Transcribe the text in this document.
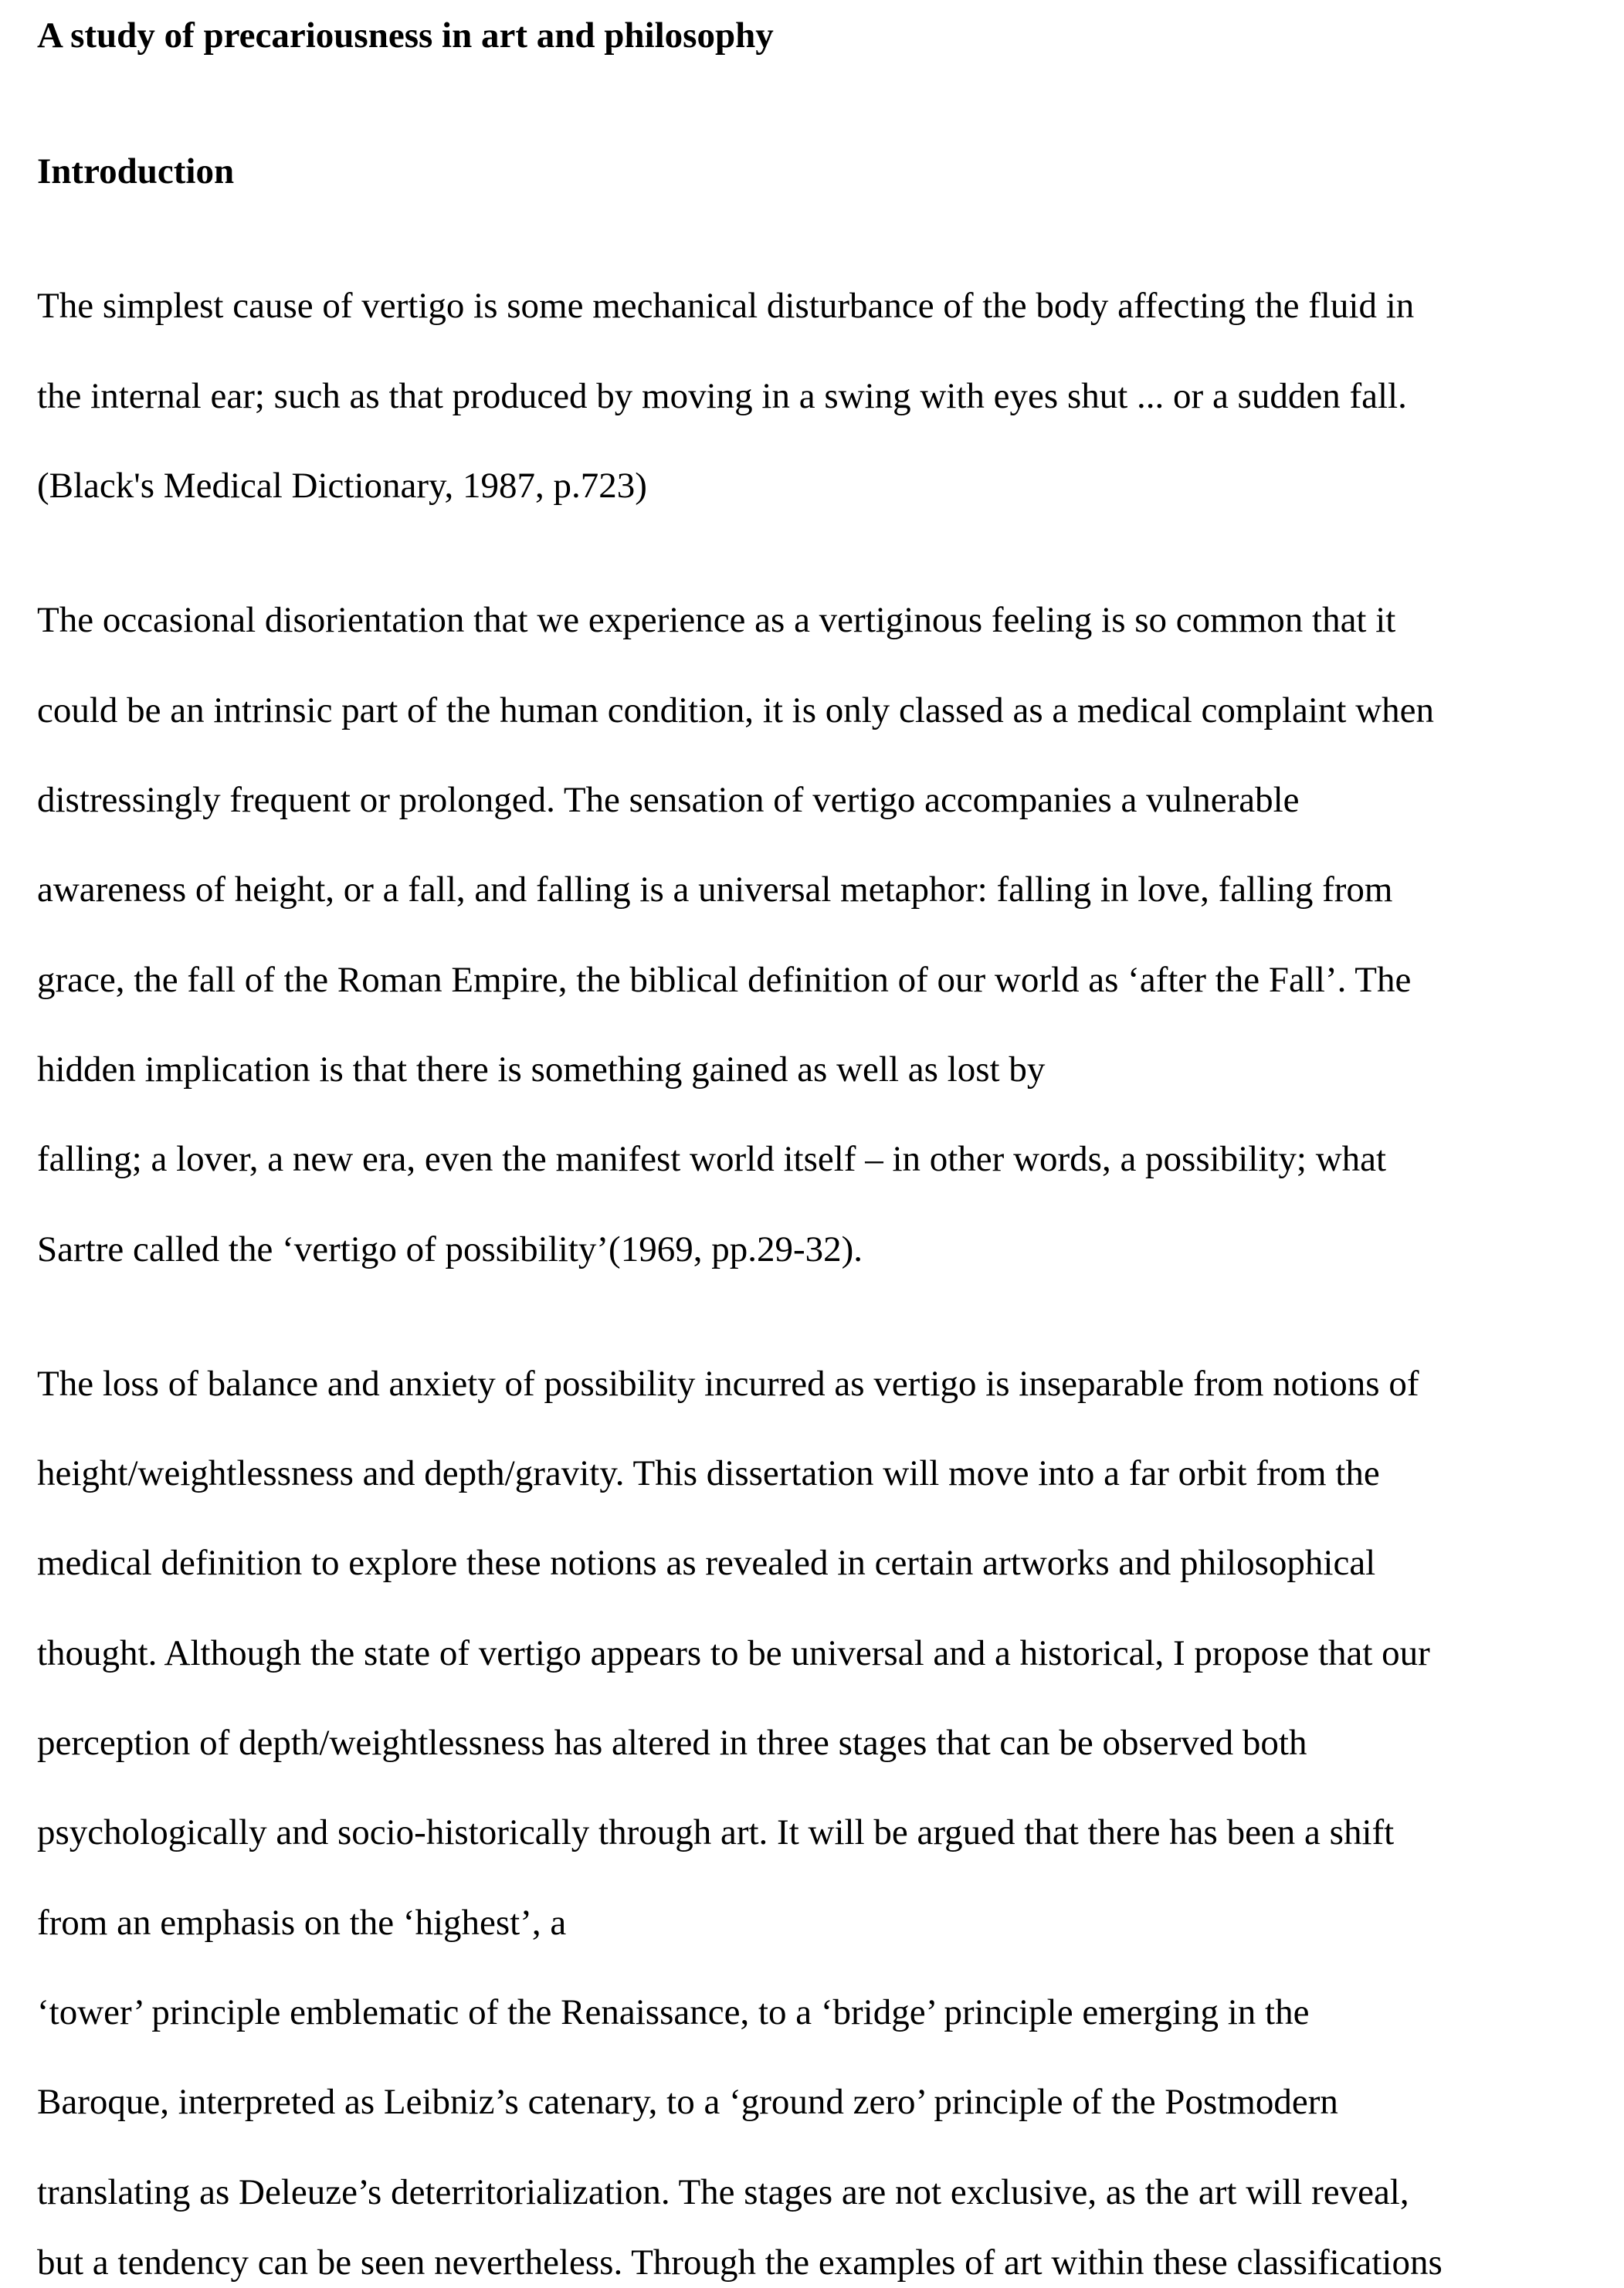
A study of precariousness in art and philosophy
Introduction
The simplest cause of vertigo is some mechanical disturbance of the body affecting the fluid in
the internal ear; such as that produced by moving in a swing with eyes shut ... or a sudden fall.
(Black's Medical Dictionary, 1987, p.723)
The occasional disorientation that we experience as a vertiginous feeling is so common that it
could be an intrinsic part of the human condition, it is only classed as a medical complaint when
distressingly frequent or prolonged. The sensation of vertigo accompanies a vulnerable
awareness of height, or a fall, and falling is a universal metaphor: falling in love, falling from
grace, the fall of the Roman Empire, the biblical definition of our world as ‘after the Fall’. The
hidden implication is that there is something gained as well as lost by
falling; a lover, a new era, even the manifest world itself – in other words, a possibility; what
Sartre called the ‘vertigo of possibility’(1969, pp.29-32).
The loss of balance and anxiety of possibility incurred as vertigo is inseparable from notions of
height/weightlessness and depth/gravity. This dissertation will move into a far orbit from the
medical definition to explore these notions as revealed in certain artworks and philosophical
thought. Although the state of vertigo appears to be universal and a historical, I propose that our
perception of depth/weightlessness has altered in three stages that can be observed both
psychologically and socio-historically through art. It will be argued that there has been a shift
from an emphasis on the ‘highest’, a
‘tower’ principle emblematic of the Renaissance, to a ‘bridge’ principle emerging in the
Baroque, interpreted as Leibniz’s catenary, to a ‘ground zero’ principle of the Postmodern
translating as Deleuze’s deterritorialization. The stages are not exclusive, as the art will reveal,
but a tendency can be seen nevertheless. Through the examples of art within these classifications
